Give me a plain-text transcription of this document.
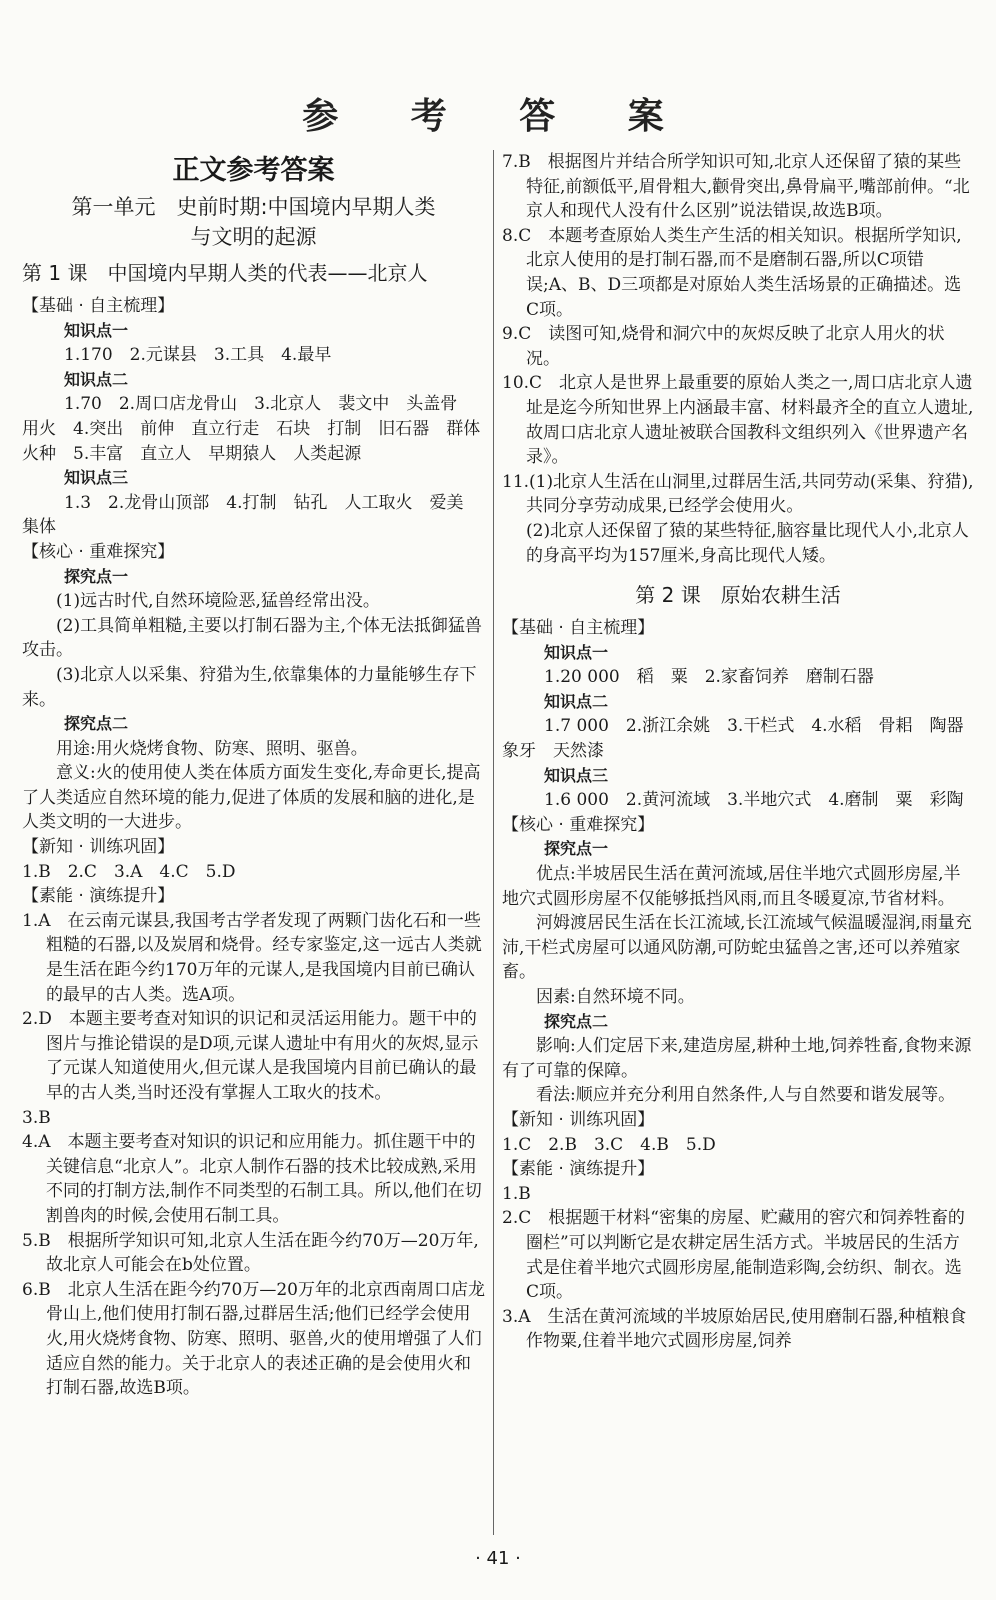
参 考 答 案
正文参考答案
第一单元　史前时期:中国境内早期人类
与文明的起源
第 1 课　中国境内早期人类的代表——北京人
【基础 · 自主梳理】
知识点一

1.170　2.元谋县　3.工具　4.最早

知识点二

1.70　2.周口店龙骨山　3.北京人　裴文中　头盖骨　用火　4.突出　前伸　直立行走　石块　打制　旧石器　群体　火种　5.丰富　直立人　早期猿人　人类起源

知识点三

1.3　2.龙骨山顶部　4.打制　钻孔　人工取火　爱美　集体

【核心 · 重难探究】
探究点一

(1)远古时代,自然环境险恶,猛兽经常出没。

(2)工具简单粗糙,主要以打制石器为主,个体无法抵御猛兽攻击。

(3)北京人以采集、狩猎为生,依靠集体的力量能够生存下来。

探究点二

用途:用火烧烤食物、防寒、照明、驱兽。

意义:火的使用使人类在体质方面发生变化,寿命更长,提高了人类适应自然环境的能力,促进了体质的发展和脑的进化,是人类文明的一大进步。

【新知 · 训练巩固】

1.B　2.C　3.A　4.C　5.D

【素能 · 演练提升】

1.A　在云南元谋县,我国考古学者发现了两颗门齿化石和一些粗糙的石器,以及炭屑和烧骨。经专家鉴定,这一远古人类就是生活在距今约170万年的元谋人,是我国境内目前已确认的最早的古人类。选A项。

2.D　本题主要考查对知识的识记和灵活运用能力。题干中的图片与推论错误的是D项,元谋人遗址中有用火的灰烬,显示了元谋人知道使用火,但元谋人是我国境内目前已确认的最早的古人类,当时还没有掌握人工取火的技术。

3.B

4.A　本题主要考查对知识的识记和应用能力。抓住题干中的关键信息“北京人”。北京人制作石器的技术比较成熟,采用不同的打制方法,制作不同类型的石制工具。所以,他们在切割兽肉的时候,会使用石制工具。

5.B　根据所学知识可知,北京人生活在距今约70万—20万年,故北京人可能会在b处位置。

6.B　北京人生活在距今约70万—20万年的北京西南周口店龙骨山上,他们使用打制石器,过群居生活;他们已经学会使用火,用火烧烤食物、防寒、照明、驱兽,火的使用增强了人们适应自然的能力。关于北京人的表述正确的是会使用火和打制石器,故选B项。

7.B　根据图片并结合所学知识可知,北京人还保留了猿的某些特征,前额低平,眉骨粗大,颧骨突出,鼻骨扁平,嘴部前伸。“北京人和现代人没有什么区别”说法错误,故选B项。

8.C　本题考查原始人类生产生活的相关知识。根据所学知识,北京人使用的是打制石器,而不是磨制石器,所以C项错误;A、B、D三项都是对原始人类生活场景的正确描述。选C项。

9.C　读图可知,烧骨和洞穴中的灰烬反映了北京人用火的状况。

10.C　北京人是世界上最重要的原始人类之一,周口店北京人遗址是迄今所知世界上内涵最丰富、材料最齐全的直立人遗址,故周口店北京人遗址被联合国教科文组织列入《世界遗产名录》。

11.(1)北京人生活在山洞里,过群居生活,共同劳动(采集、狩猎),共同分享劳动成果,已经学会使用火。

(2)北京人还保留了猿的某些特征,脑容量比现代人小,北京人的身高平均为157厘米,身高比现代人矮。

第 2 课　原始农耕生活
【基础 · 自主梳理】
知识点一

1.20 000　稻　粟　2.家畜饲养　磨制石器

知识点二

1.7 000　2.浙江余姚　3.干栏式　4.水稻　骨耜　陶器　象牙　天然漆

知识点三

1.6 000　2.黄河流域　3.半地穴式　4.磨制　粟　彩陶

【核心 · 重难探究】
探究点一

优点:半坡居民生活在黄河流域,居住半地穴式圆形房屋,半地穴式圆形房屋不仅能够抵挡风雨,而且冬暖夏凉,节省材料。

河姆渡居民生活在长江流域,长江流域气候温暖湿润,雨量充沛,干栏式房屋可以通风防潮,可防蛇虫猛兽之害,还可以养殖家畜。

因素:自然环境不同。

探究点二

影响:人们定居下来,建造房屋,耕种土地,饲养牲畜,食物来源有了可靠的保障。

看法:顺应并充分利用自然条件,人与自然要和谐发展等。

【新知 · 训练巩固】

1.C　2.B　3.C　4.B　5.D

【素能 · 演练提升】

1.B

2.C　根据题干材料“密集的房屋、贮藏用的窖穴和饲养牲畜的圈栏”可以判断它是农耕定居生活方式。半坡居民的生活方式是住着半地穴式圆形房屋,能制造彩陶,会纺织、制衣。选C项。

3.A　生活在黄河流域的半坡原始居民,使用磨制石器,种植粮食作物粟,住着半地穴式圆形房屋,饲养

· 41 ·
